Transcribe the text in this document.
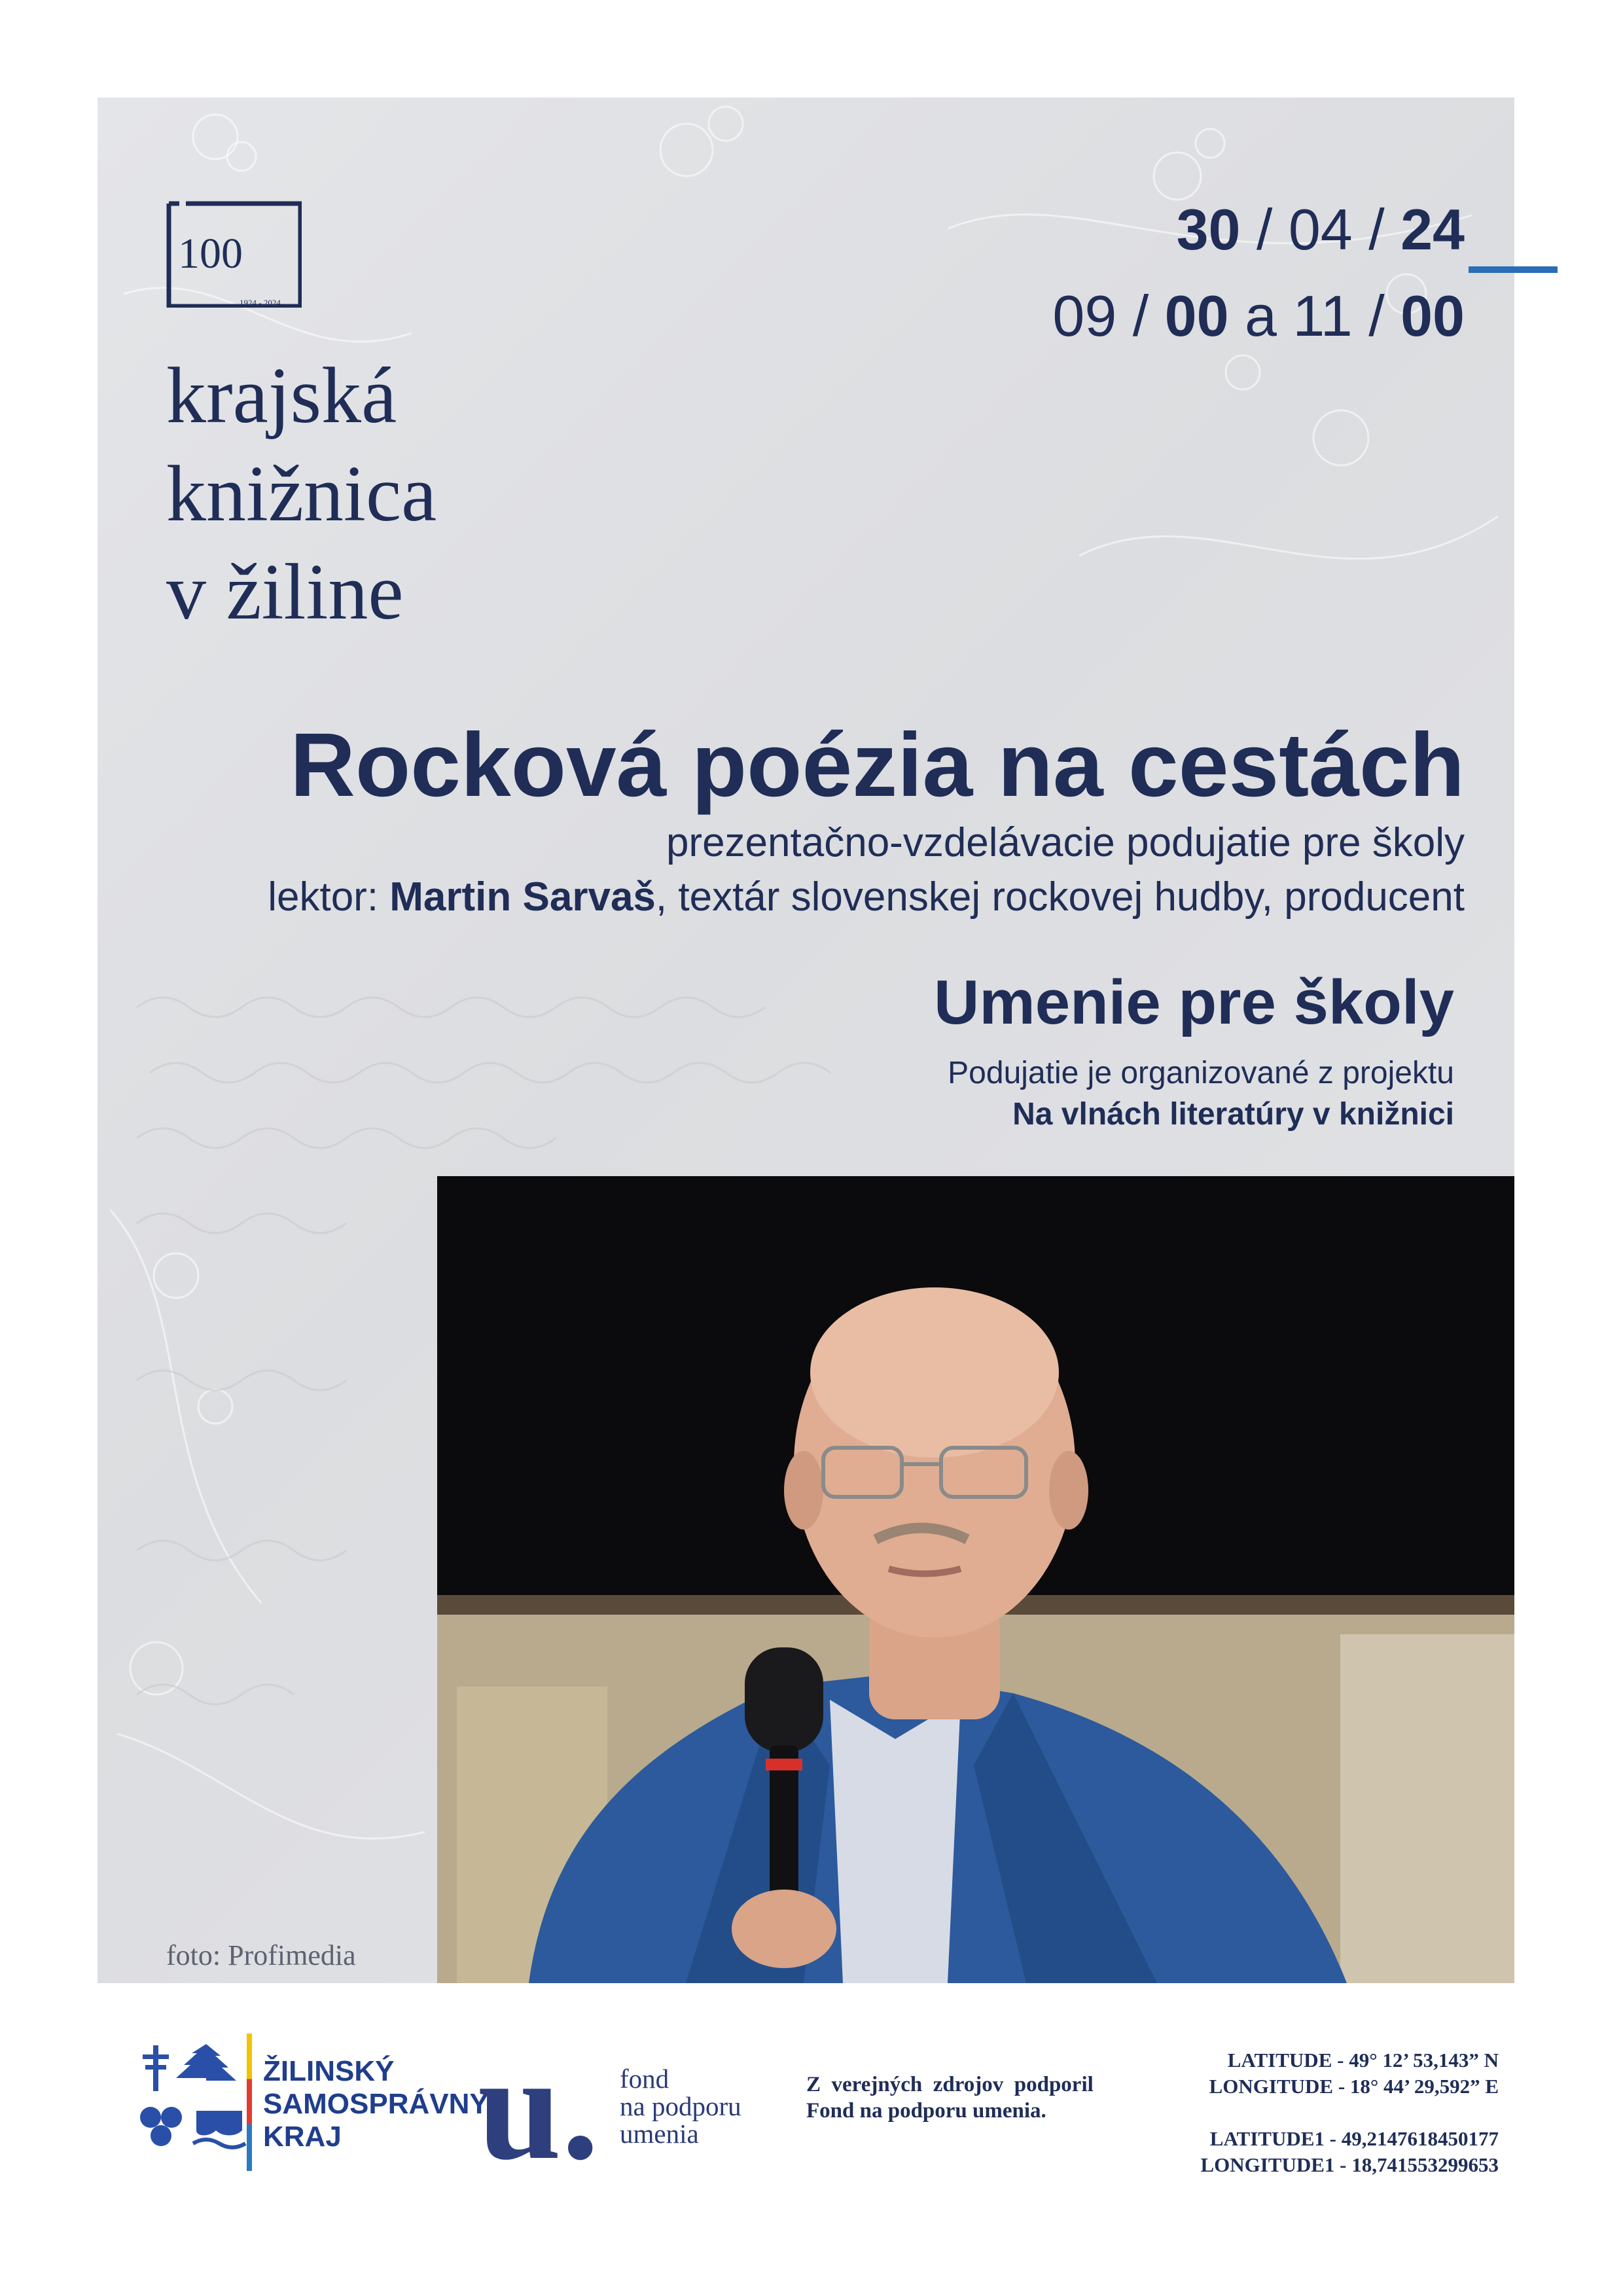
100
1924 - 2024
krajská
knižnica
v žiline
30 / 04 / 24
09 / 00 a 11 / 00
Rocková poézia na cestách
prezentačno-vzdelávacie podujatie pre školy
lektor: Martin Sarvaš, textár slovenskej rockovej hudby, producent
Umenie pre školy
Podujatie je organizované z projektu
Na vlnách literatúry v knižnici
foto: Profimedia
ŽILINSKÝ
SAMOSPRÁVNY
KRAJ u. fond
na podporu
umenia
Z  verejných  zdrojov  podporil
Fond na podporu umenia.
LATITUDE - 49° 12’ 53,143” N
LONGITUDE - 18° 44’ 29,592” E
LATITUDE1 - 49,2147618450177
LONGITUDE1 - 18,741553299653
